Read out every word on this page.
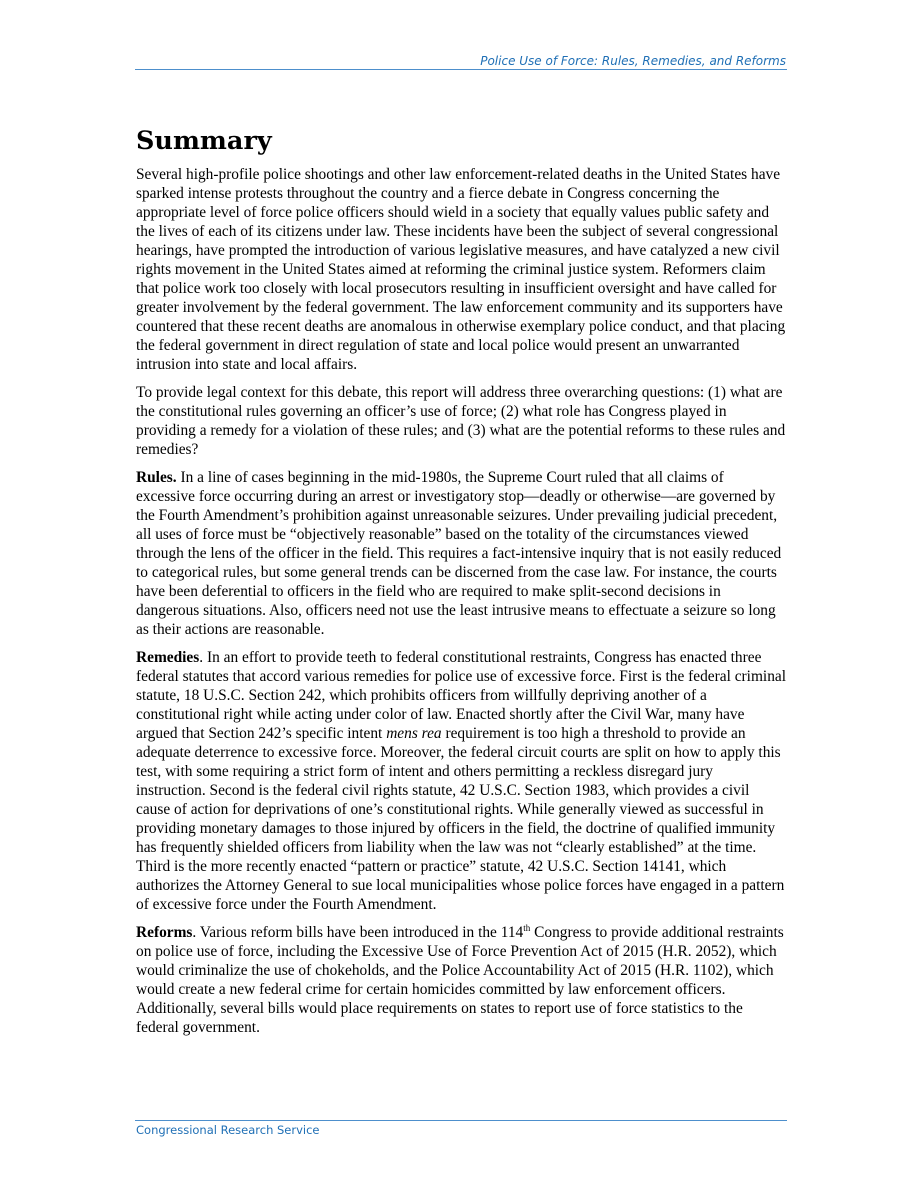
Police Use of Force: Rules, Remedies, and Reforms
Summary

Several high-profile police shootings and other law enforcement-related deaths in the United States have sparked intense protests throughout the country and a fierce debate in Congress concerning the appropriate level of force police officers should wield in a society that equally values public safety and the lives of each of its citizens under law. These incidents have been the subject of several congressional hearings, have prompted the introduction of various legislative measures, and have catalyzed a new civil rights movement in the United States aimed at reforming the criminal justice system. Reformers claim that police work too closely with local prosecutors resulting in insufficient oversight and have called for greater involvement by the federal government. The law enforcement community and its supporters have countered that these recent deaths are anomalous in otherwise exemplary police conduct, and that placing the federal government in direct regulation of state and local police would present an unwarranted intrusion into state and local affairs.

To provide legal context for this debate, this report will address three overarching questions: (1) what are the constitutional rules governing an officer’s use of force; (2) what role has Congress played in providing a remedy for a violation of these rules; and (3) what are the potential reforms to these rules and remedies?

Rules. In a line of cases beginning in the mid-1980s, the Supreme Court ruled that all claims of excessive force occurring during an arrest or investigatory stop—deadly or otherwise—are governed by the Fourth Amendment’s prohibition against unreasonable seizures. Under prevailing judicial precedent, all uses of force must be “objectively reasonable” based on the totality of the circumstances viewed through the lens of the officer in the field. This requires a fact-intensive inquiry that is not easily reduced to categorical rules, but some general trends can be discerned from the case law. For instance, the courts have been deferential to officers in the field who are required to make split-second decisions in dangerous situations. Also, officers need not use the least intrusive means to effectuate a seizure so long as their actions are reasonable.

Remedies. In an effort to provide teeth to federal constitutional restraints, Congress has enacted three federal statutes that accord various remedies for police use of excessive force. First is the federal criminal statute, 18 U.S.C. Section 242, which prohibits officers from willfully depriving another of a constitutional right while acting under color of law. Enacted shortly after the Civil War, many have argued that Section 242’s specific intent mens rea requirement is too high a threshold to provide an adequate deterrence to excessive force. Moreover, the federal circuit courts are split on how to apply this test, with some requiring a strict form of intent and others permitting a reckless disregard jury instruction. Second is the federal civil rights statute, 42 U.S.C. Section 1983, which provides a civil cause of action for deprivations of one’s constitutional rights. While generally viewed as successful in providing monetary damages to those injured by officers in the field, the doctrine of qualified immunity has frequently shielded officers from liability when the law was not “clearly established” at the time. Third is the more recently enacted “pattern or practice” statute, 42 U.S.C. Section 14141, which authorizes the Attorney General to sue local municipalities whose police forces have engaged in a pattern of excessive force under the Fourth Amendment.

Reforms. Various reform bills have been introduced in the 114th Congress to provide additional restraints on police use of force, including the Excessive Use of Force Prevention Act of 2015 (H.R. 2052), which would criminalize the use of chokeholds, and the Police Accountability Act of 2015 (H.R. 1102), which would create a new federal crime for certain homicides committed by law enforcement officers. Additionally, several bills would place requirements on states to report use of force statistics to the federal government.

Congressional Research Service
